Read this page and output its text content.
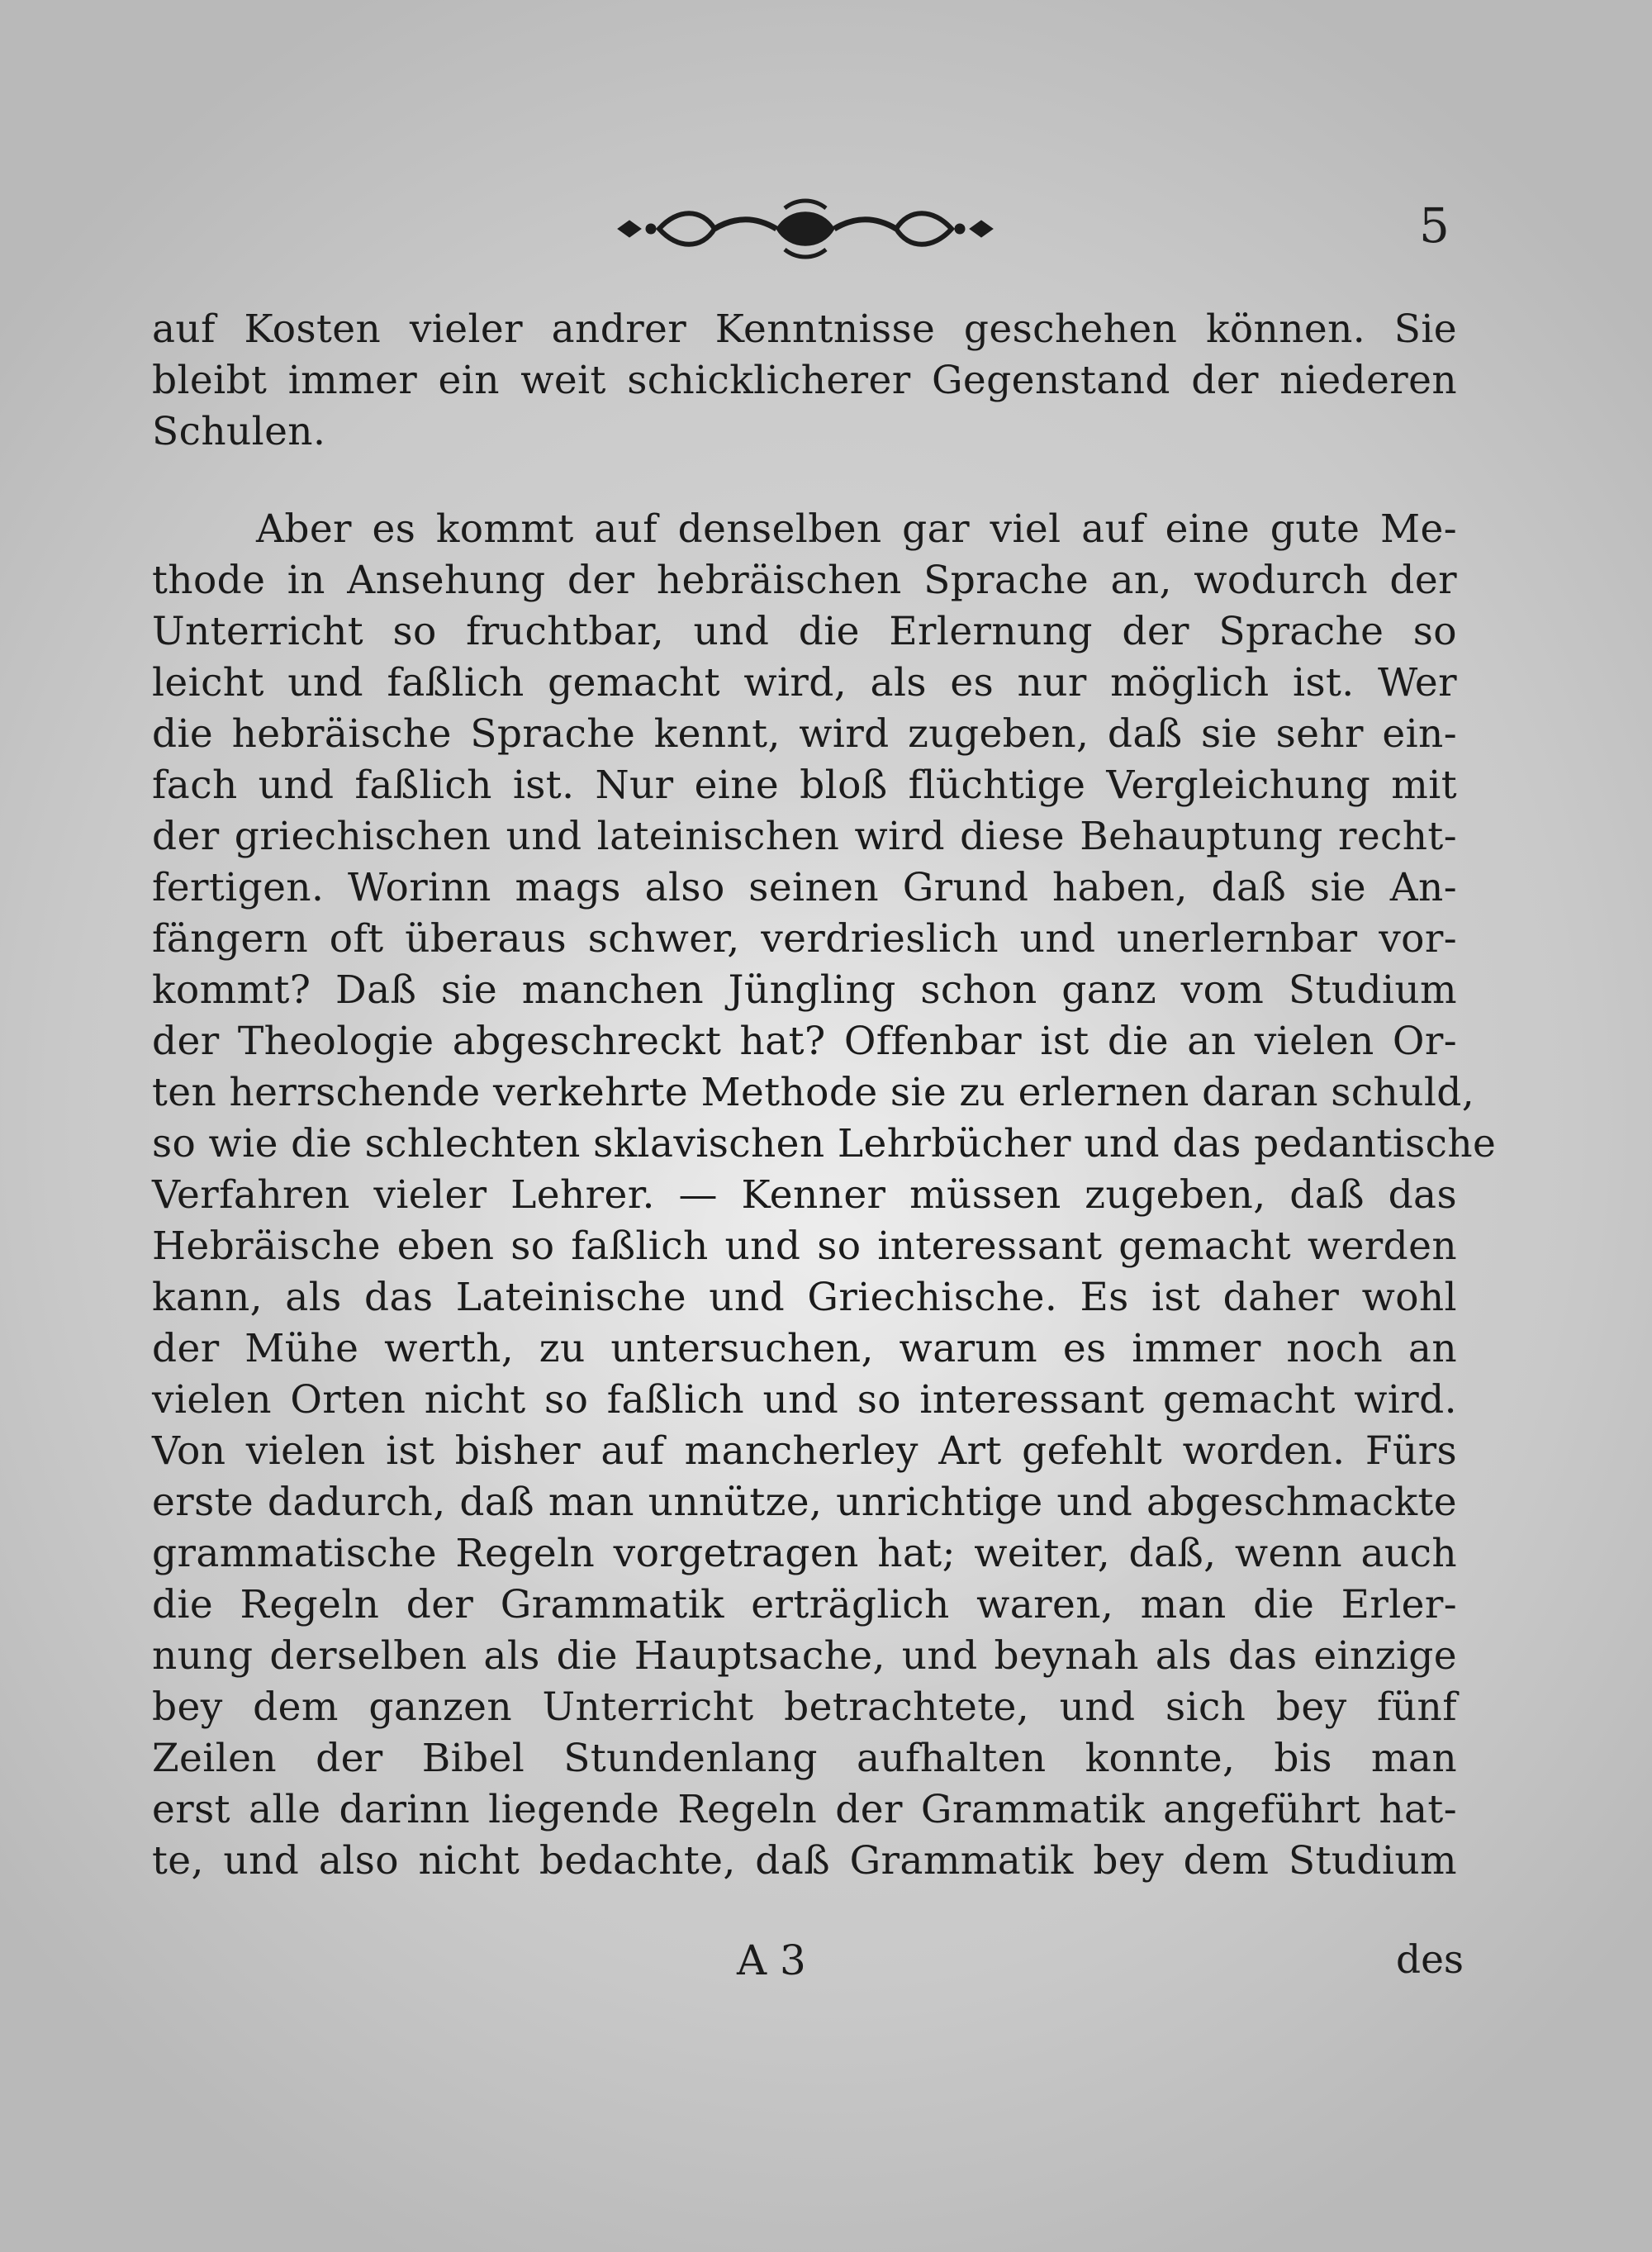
5
auf Kosten vieler andrer Kenntnisse geschehen können. Sie
bleibt immer ein weit schicklicherer Gegenstand der niederen
Schulen.
Aber es kommt auf denselben gar viel auf eine gute Me-
thode in Ansehung der hebräischen Sprache an, wodurch der
Unterricht so fruchtbar, und die Erlernung der Sprache so
leicht und faßlich gemacht wird, als es nur möglich ist. Wer
die hebräische Sprache kennt, wird zugeben, daß sie sehr ein-
fach und faßlich ist. Nur eine bloß flüchtige Vergleichung mit
der griechischen und lateinischen wird diese Behauptung recht-
fertigen. Worinn mags also seinen Grund haben, daß sie An-
fängern oft überaus schwer, verdrieslich und unerlernbar vor-
kommt? Daß sie manchen Jüngling schon ganz vom Studium
der Theologie abgeschreckt hat? Offenbar ist die an vielen Or-
ten herrschende verkehrte Methode sie zu erlernen daran schuld,
so wie die schlechten sklavischen Lehrbücher und das pedantische
Verfahren vieler Lehrer. — Kenner müssen zugeben, daß das
Hebräische eben so faßlich und so interessant gemacht werden
kann, als das Lateinische und Griechische. Es ist daher wohl
der Mühe werth, zu untersuchen, warum es immer noch an
vielen Orten nicht so faßlich und so interessant gemacht wird.
Von vielen ist bisher auf mancherley Art gefehlt worden. Fürs
erste dadurch, daß man unnütze, unrichtige und abgeschmackte
grammatische Regeln vorgetragen hat; weiter, daß, wenn auch
die Regeln der Grammatik erträglich waren, man die Erler-
nung derselben als die Hauptsache, und beynah als das einzige
bey dem ganzen Unterricht betrachtete, und sich bey fünf
Zeilen der Bibel Stundenlang aufhalten konnte, bis man
erst alle darinn liegende Regeln der Grammatik angeführt hat-
te, und also nicht bedachte, daß Grammatik bey dem Studium
A 3	des
